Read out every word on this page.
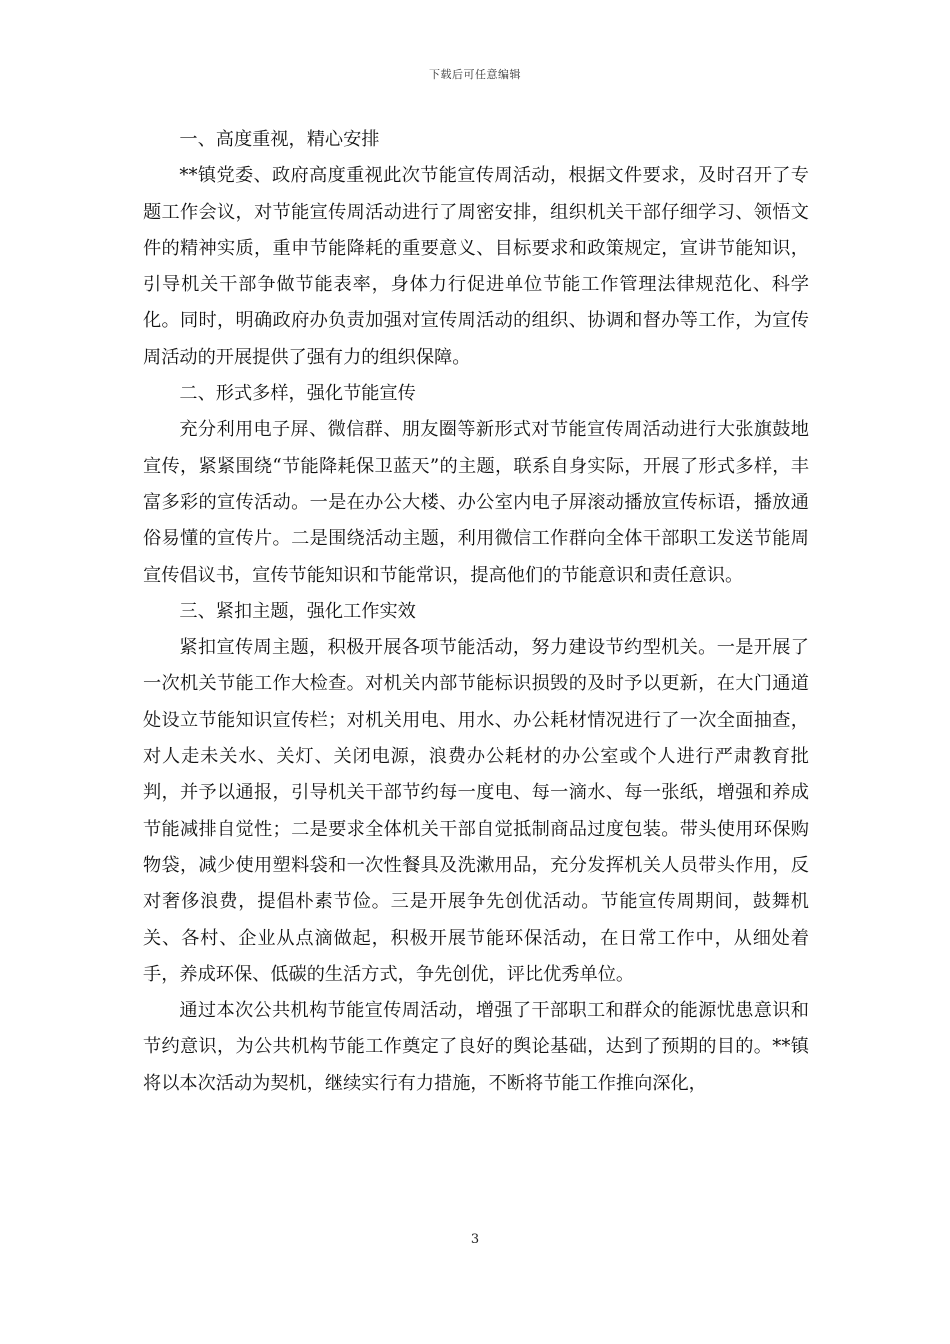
下载后可任意编辑

一、高度重视，精心安排

**镇党委、政府高度重视此次节能宣传周活动，根据文件要求，及时召开了专题工作会议，对节能宣传周活动进行了周密安排，组织机关干部仔细学习、领悟文件的精神实质，重申节能降耗的重要意义、目标要求和政策规定，宣讲节能知识，引导机关干部争做节能表率，身体力行促进单位节能工作管理法律规范化、科学化。同时，明确政府办负责加强对宣传周活动的组织、协调和督办等工作，为宣传周活动的开展提供了强有力的组织保障。

二、形式多样，强化节能宣传

充分利用电子屏、微信群、朋友圈等新形式对节能宣传周活动进行大张旗鼓地宣传，紧紧围绕“节能降耗保卫蓝天”的主题，联系自身实际，开展了形式多样，丰富多彩的宣传活动。一是在办公大楼、办公室内电子屏滚动播放宣传标语，播放通俗易懂的宣传片。二是围绕活动主题，利用微信工作群向全体干部职工发送节能周宣传倡议书，宣传节能知识和节能常识，提高他们的节能意识和责任意识。

三、紧扣主题，强化工作实效

紧扣宣传周主题，积极开展各项节能活动，努力建设节约型机关。一是开展了一次机关节能工作大检查。对机关内部节能标识损毁的及时予以更新，在大门通道处设立节能知识宣传栏；对机关用电、用水、办公耗材情况进行了一次全面抽查，对人走未关水、关灯、关闭电源，浪费办公耗材的办公室或个人进行严肃教育批判，并予以通报，引导机关干部节约每一度电、每一滴水、每一张纸，增强和养成节能减排自觉性；二是要求全体机关干部自觉抵制商品过度包装。带头使用环保购物袋，减少使用塑料袋和一次性餐具及洗漱用品，充分发挥机关人员带头作用，反对奢侈浪费，提倡朴素节俭。三是开展争先创优活动。节能宣传周期间，鼓舞机关、各村、企业从点滴做起，积极开展节能环保活动，在日常工作中，从细处着手，养成环保、低碳的生活方式，争先创优，评比优秀单位。

通过本次公共机构节能宣传周活动，增强了干部职工和群众的能源忧患意识和节约意识，为公共机构节能工作奠定了良好的舆论基础，达到了预期的目的。**镇将以本次活动为契机，继续实行有力措施，不断将节能工作推向深化，

3
